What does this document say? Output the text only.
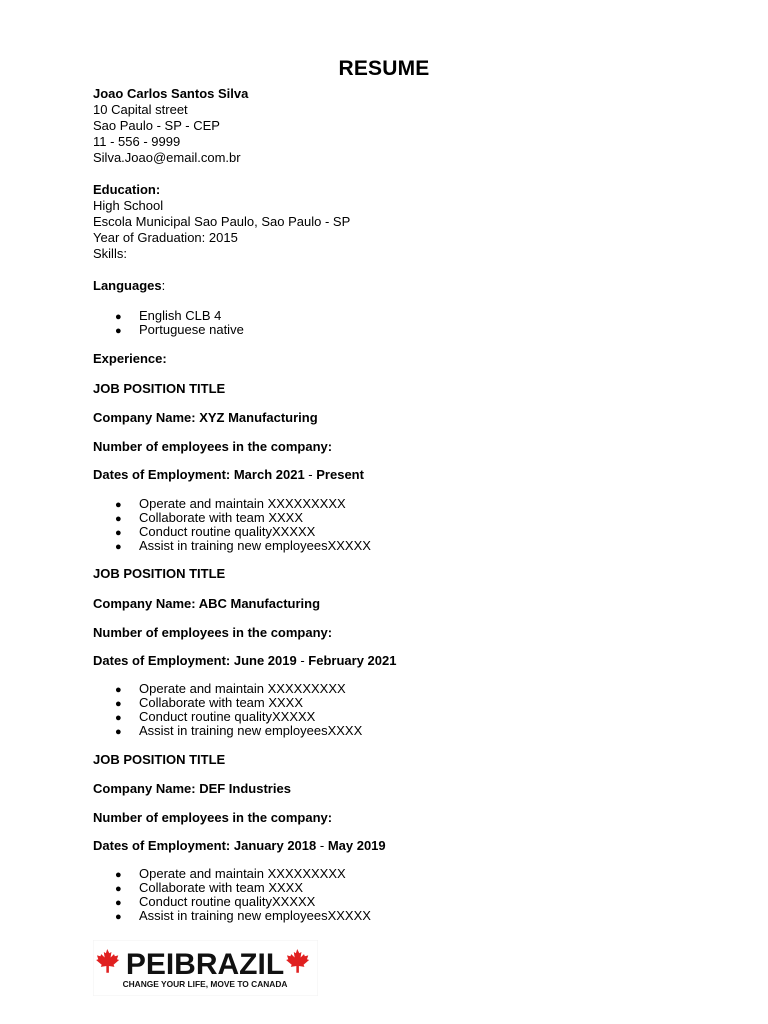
RESUME
Joao Carlos Santos Silva
10 Capital street
Sao Paulo - SP - CEP
11 - 556 - 9999
Silva.Joao@email.com.br
Education:
High School
Escola Municipal Sao Paulo, Sao Paulo - SP
Year of Graduation: 2015
Skills:
Languages:
● English CLB 4
● Portuguese native
Experience:
JOB POSITION TITLE
Company Name: XYZ Manufacturing
Number of employees in the company:
Dates of Employment: March 2021 - Present
● Operate and maintain XXXXXXXXX
● Collaborate with team XXXX
● Conduct routine qualityXXXXX
● Assist in training new employeesXXXXX
JOB POSITION TITLE
Company Name: ABC Manufacturing
Number of employees in the company:
Dates of Employment: June 2019 - February 2021
● Operate and maintain XXXXXXXXX
● Collaborate with team XXXX
● Conduct routine qualityXXXXX
● Assist in training new employeesXXXX
JOB POSITION TITLE
Company Name: DEF Industries
Number of employees in the company:
Dates of Employment: January 2018 - May 2019
● Operate and maintain XXXXXXXXX
● Collaborate with team XXXX
● Conduct routine qualityXXXXX
● Assist in training new employeesXXXXX
PEIBRAZIL
CHANGE YOUR LIFE, MOVE TO CANADA
